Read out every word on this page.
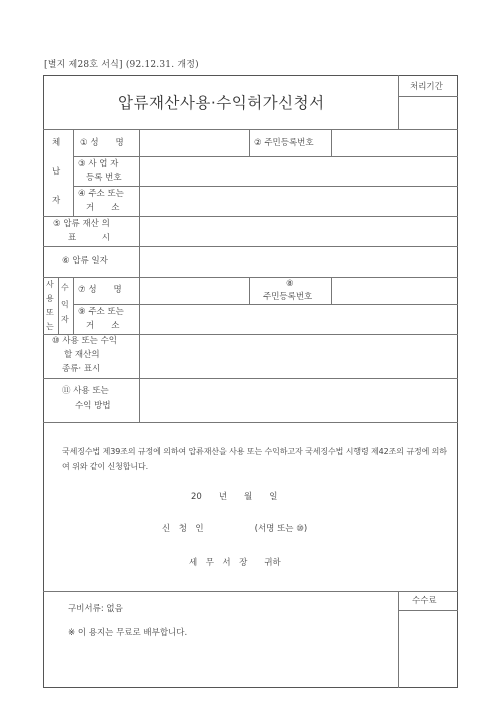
[별지 제28호 서식] (92.12.31. 개정)
압류재산사용·수익허가신청서
처리기간
체
납
자
① 성　　명	② 주민등록번호
③ 사 업 자
등록 번호
④ 주소 또는
거　　소
⑤ 압류 재산 의
표　　　시
⑥ 압류 일자
사
용
또
는
수
익
자
⑦ 성　　명
⑧
주민등록번호
⑨ 주소 또는
거　　소
⑩ 사용 또는 수익
할 재산의
종류· 표시
⑪ 사용 또는
수익 방법
국세징수법 제39조의 규정에 의하여 압류재산을 사용 또는 수익하고자 국세징수법 시행령 제42조의 규정에 의하여 위와 같이 신청합니다.
20　　년　　월　　일
신　청　인　　　　　　(서명 또는 ⑩)
세　무　서　장　　귀하
구비서류: 없음
수수료
※ 이 용지는 무료로 배부합니다.
